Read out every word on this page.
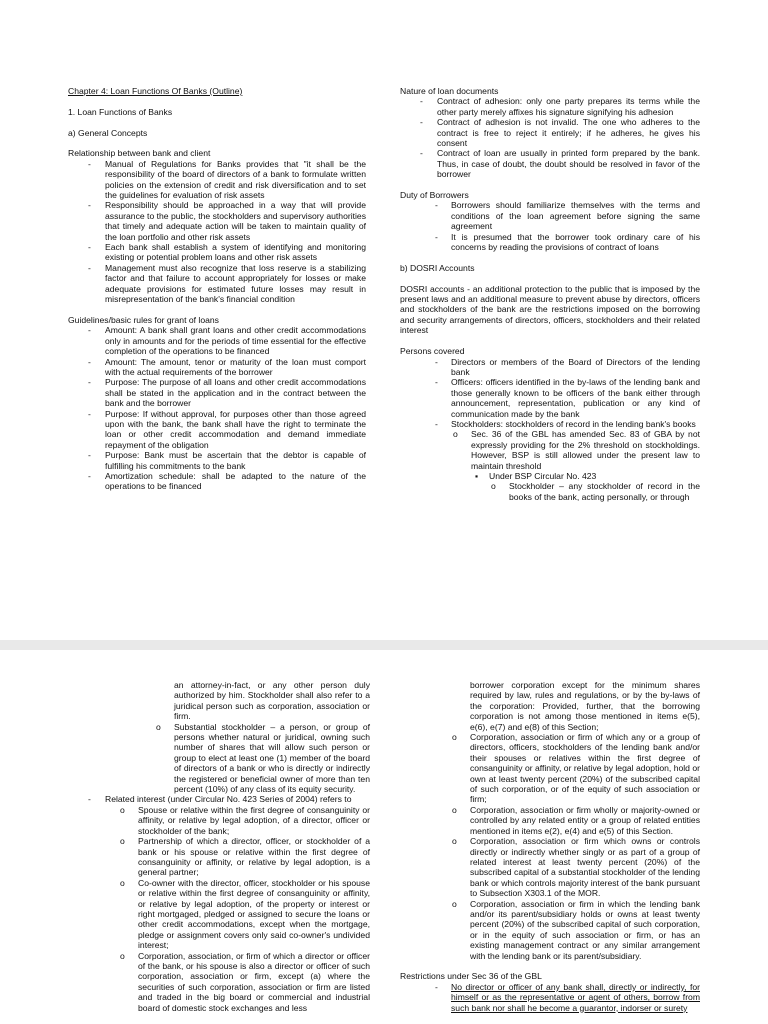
Chapter 4: Loan Functions Of Banks (Outline)

1. Loan Functions of Banks

a) General Concepts

Relationship between bank and client

- Manual of Regulations for Banks provides that "it shall be the responsibility of the board of directors of a bank to formulate written policies on the extension of credit and risk diversification and to set the guidelines for evaluation of risk assets
- Responsibility should be approached in a way that will provide assurance to the public, the stockholders and supervisory authorities that timely and adequate action will be taken to maintain quality of the loan portfolio and other risk assets
- Each bank shall establish a system of identifying and monitoring existing or potential problem loans and other risk assets
- Management must also recognize that loss reserve is a stabilizing factor and that failure to account appropriately for losses or make adequate provisions for estimated future losses may result in misrepresentation of the bank's financial condition

Guidelines/basic rules for grant of loans

- Amount: A bank shall grant loans and other credit accommodations only in amounts and for the periods of time essential for the effective completion of the operations to be financed
- Amount: The amount, tenor or maturity of the loan must comport with the actual requirements of the borrower
- Purpose: The purpose of all loans and other credit accommodations shall be stated in the application and in the contract between the bank and the borrower
- Purpose: If without approval, for purposes other than those agreed upon with the bank, the bank shall have the right to terminate the loan or other credit accommodation and demand immediate repayment of the obligation
- Purpose: Bank must be ascertain that the debtor is capable of fulfilling his commitments to the bank
- Amortization schedule: shall be adapted to the nature of the operations to be financed

Nature of loan documents

- Contract of adhesion: only one party prepares its terms while the other party merely affixes his signature signifying his adhesion
- Contract of adhesion is not invalid. The one who adheres to the contract is free to reject it entirely; if he adheres, he gives his consent
- Contract of loan are usually in printed form prepared by the bank. Thus, in case of doubt, the doubt should be resolved in favor of the borrower

Duty of Borrowers

- Borrowers should familiarize themselves with the terms and conditions of the loan agreement before signing the same agreement
- It is presumed that the borrower took ordinary care of his concerns by reading the provisions of contract of loans

b) DOSRI Accounts

DOSRI accounts - an additional protection to the public that is imposed by the present laws and an additional measure to prevent abuse by directors, officers and stockholders of the bank are the restrictions imposed on the borrowing and security arrangements of directors, officers, stockholders and their related interest

Persons covered

- Directors or members of the Board of Directors of the lending bank
- Officers: officers identified in the by-laws of the lending bank and those generally known to be officers of the bank either through announcement, representation, publication or any kind of communication made by the bank
- Stockholders: stockholders of record in the lending bank's books
o Sec. 36 of the GBL has amended Sec. 83 of GBA by not expressly providing for the 2% threshold on stockholdings. However, BSP is still allowed under the present law to maintain threshold
▪ Under BSP Circular No. 423
o Stockholder – any stockholder of record in the books of the bank, acting personally, or through

an attorney-in-fact, or any other person duly authorized by him. Stockholder shall also refer to a juridical person such as corporation, association or firm.

o Substantial stockholder – a person, or group of persons whether natural or juridical, owning such number of shares that will allow such person or group to elect at least one (1) member of the board of directors of a bank or who is directly or indirectly the registered or beneficial owner of more than ten percent (10%) of any class of its equity security.
- Related interest (under Circular No. 423 Series of 2004) refers to
o Spouse or relative within the first degree of consanguinity or affinity, or relative by legal adoption, of a director, officer or stockholder of the bank;
o Partnership of which a director, officer, or stockholder of a bank or his spouse or relative within the first degree of consanguinity or affinity, or relative by legal adoption, is a general partner;
o Co-owner with the director, officer, stockholder or his spouse or relative within the first degree of consanguinity or affinity, or relative by legal adoption, of the property or interest or right mortgaged, pledged or assigned to secure the loans or other credit accommodations, except when the mortgage, pledge or assignment covers only said co-owner's undivided interest;
o Corporation, association, or firm of which a director or officer of the bank, or his spouse is also a director or officer of such corporation, association or firm, except (a) where the securities of such corporation, association or firm are listed and traded in the big board or commercial and industrial board of domestic stock exchanges and less

borrower corporation except for the minimum shares required by law, rules and regulations, or by the by-laws of the corporation: Provided, further, that the borrowing corporation is not among those mentioned in items e(5), e(6), e(7) and e(8) of this Section;

o Corporation, association or firm of which any or a group of directors, officers, stockholders of the lending bank and/or their spouses or relatives within the first degree of consanguinity or affinity, or relative by legal adoption, hold or own at least twenty percent (20%) of the subscribed capital of such corporation, or of the equity of such association or firm;
o Corporation, association or firm wholly or majority-owned or controlled by any related entity or a group of related entities mentioned in items e(2), e(4) and e(5) of this Section.
o Corporation, association or firm which owns or controls directly or indirectly whether singly or as part of a group of related interest at least twenty percent (20%) of the subscribed capital of a substantial stockholder of the lending bank or which controls majority interest of the bank pursuant to Subsection X303.1 of the MOR.
o Corporation, association or firm in which the lending bank and/or its parent/subsidiary holds or owns at least twenty percent (20%) of the subscribed capital of such corporation, or in the equity of such association or firm, or has an existing management contract or any similar arrangement with the lending bank or its parent/subsidiary.

Restrictions under Sec 36 of the GBL

- No director or officer of any bank shall, directly or indirectly, for himself or as the representative or agent of others, borrow from such bank nor shall he become a guarantor, indorser or surety
